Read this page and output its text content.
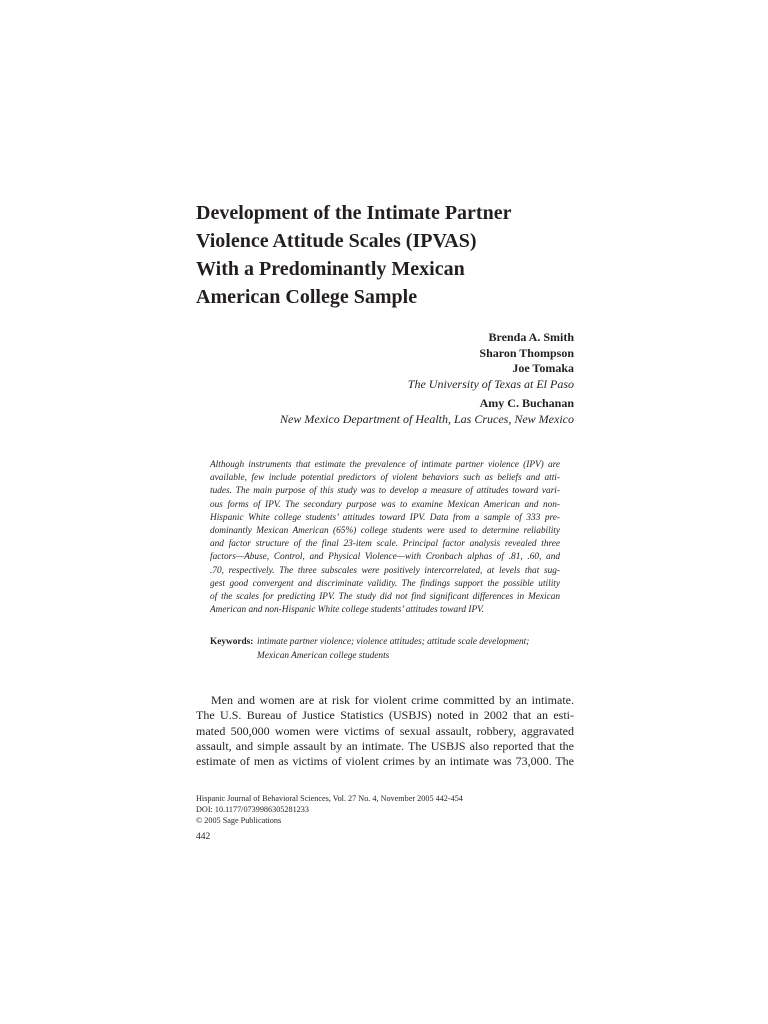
Development of the Intimate Partner
Violence Attitude Scales (IPVAS)
With a Predominantly Mexican
American College Sample
Brenda A. Smith
Sharon Thompson
Joe Tomaka
The University of Texas at El Paso
Amy C. Buchanan
New Mexico Department of Health, Las Cruces, New Mexico
Although instruments that estimate the prevalence of intimate partner violence (IPV) are
available, few include potential predictors of violent behaviors such as beliefs and atti-
tudes. The main purpose of this study was to develop a measure of attitudes toward vari-
ous forms of IPV. The secondary purpose was to examine Mexican American and non-
Hispanic White college students’ attitudes toward IPV. Data from a sample of 333 pre-
dominantly Mexican American (65%) college students were used to determine reliability
and factor structure of the final 23-item scale. Principal factor analysis revealed three
factors—Abuse, Control, and Physical Violence—with Cronbach alphas of .81, .60, and
.70, respectively. The three subscales were positively intercorrelated, at levels that sug-
gest good convergent and discriminate validity. The findings support the possible utility
of the scales for predicting IPV. The study did not find significant differences in Mexican
American and non-Hispanic White college students’ attitudes toward IPV.
Keywords: intimate partner violence; violence attitudes; attitude scale development;
Mexican American college students
Men and women are at risk for violent crime committed by an intimate.
The U.S. Bureau of Justice Statistics (USBJS) noted in 2002 that an esti-
mated 500,000 women were victims of sexual assault, robbery, aggravated
assault, and simple assault by an intimate. The USBJS also reported that the
estimate of men as victims of violent crimes by an intimate was 73,000. The
Hispanic Journal of Behavioral Sciences, Vol. 27 No. 4, November 2005 442-454
DOI: 10.1177/0739986305281233
© 2005 Sage Publications
442
